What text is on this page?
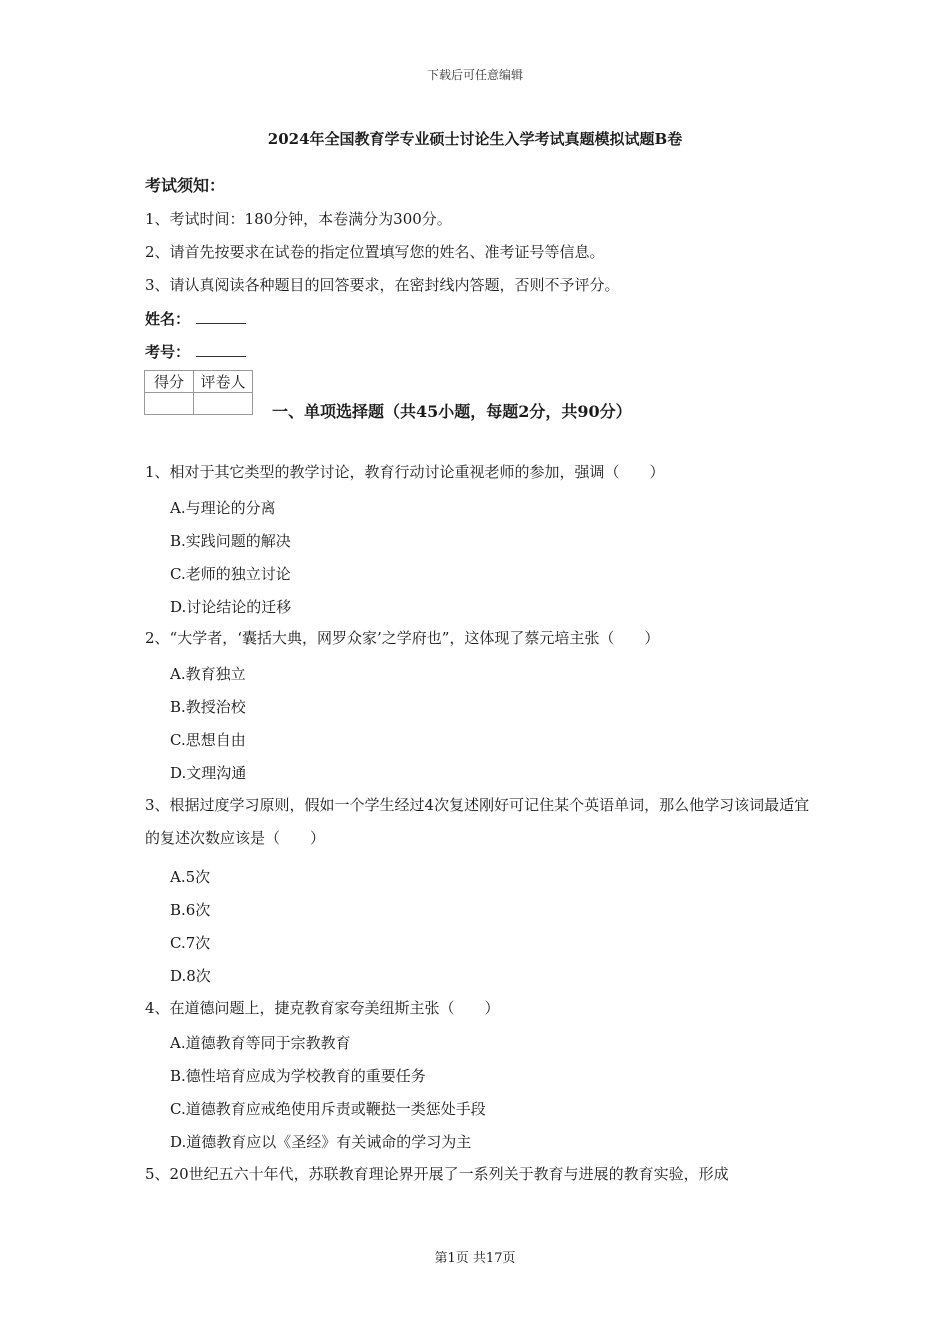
下载后可任意编辑
2024年全国教育学专业硕士讨论生入学考试真题模拟试题B卷
考试须知：
1、考试时间：180分钟，本卷满分为300分。
2、请首先按要求在试卷的指定位置填写您的姓名、准考证号等信息。
3、请认真阅读各种题目的回答要求，在密封线内答题，否则不予评分。
姓名：
考号：
得分	评卷人

一、单项选择题（共45小题，每题2分，共90分）
1、相对于其它类型的教学讨论，教育行动讨论重视老师的参加，强调（　　）
A.与理论的分离
B.实践问题的解决
C.老师的独立讨论
D.讨论结论的迁移
2、“大学者，‘囊括大典，网罗众家’之学府也”，这体现了蔡元培主张（　　）
A.教育独立
B.教授治校
C.思想自由
D.文理沟通
3、根据过度学习原则，假如一个学生经过4次复述刚好可记住某个英语单词，那么他学习该词最适宜的复述次数应该是（　　）
A.5次
B.6次
C.7次
D.8次
4、在道德问题上，捷克教育家夸美纽斯主张（　　）
A.道德教育等同于宗教教育
B.德性培育应成为学校教育的重要任务
C.道德教育应戒绝使用斥责或鞭挞一类惩处手段
D.道德教育应以《圣经》有关诫命的学习为主
5、20世纪五六十年代，苏联教育理论界开展了一系列关于教育与进展的教育实验，形成
第1页 共17页
